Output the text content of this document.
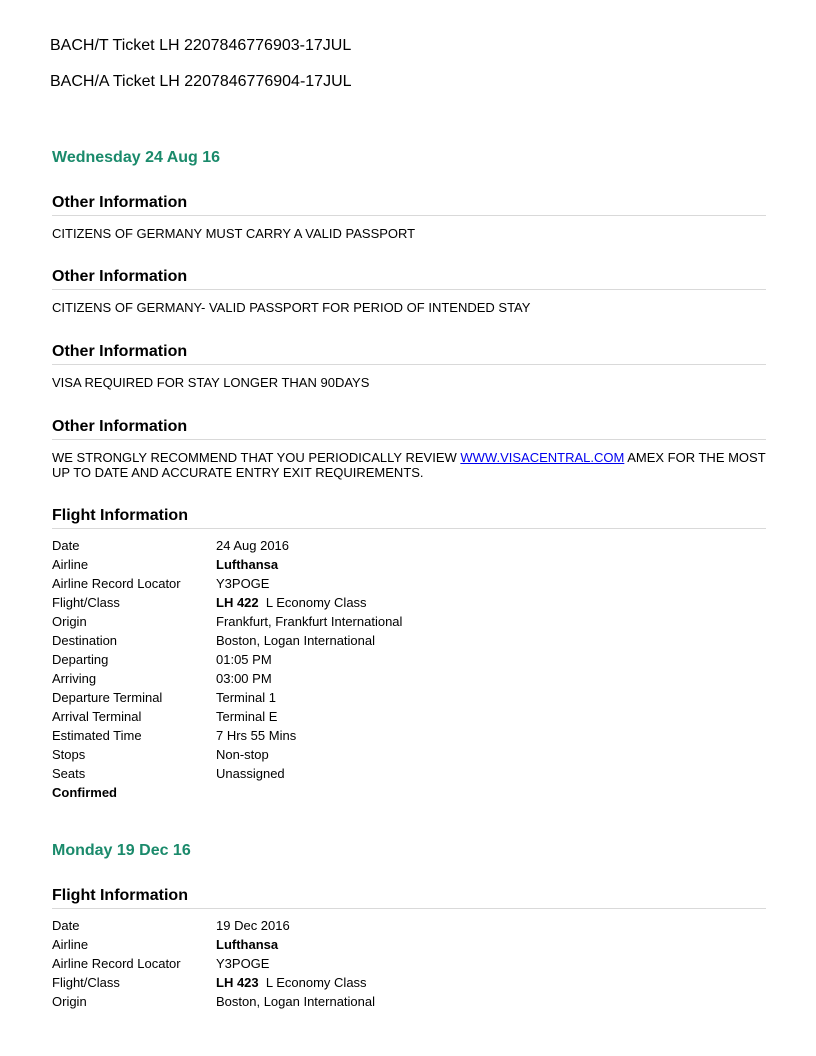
BACH/T Ticket LH 2207846776903-17JUL
BACH/A Ticket LH 2207846776904-17JUL
Wednesday 24 Aug 16
Other Information
CITIZENS OF GERMANY MUST CARRY A VALID PASSPORT
Other Information
CITIZENS OF GERMANY- VALID PASSPORT FOR PERIOD OF INTENDED STAY
Other Information
VISA REQUIRED FOR STAY LONGER THAN 90DAYS
Other Information
WE STRONGLY RECOMMEND THAT YOU PERIODICALLY REVIEW WWW.VISACENTRAL.COM AMEX FOR THE MOST UP TO DATE AND ACCURATE ENTRY EXIT REQUIREMENTS.
Flight Information
Date	24 Aug 2016
Airline	Lufthansa
Airline Record Locator	Y3POGE
Flight/Class	LH 422 L Economy Class
Origin	Frankfurt, Frankfurt International
Destination	Boston, Logan International
Departing	01:05 PM
Arriving	03:00 PM
Departure Terminal	Terminal 1
Arrival Terminal	Terminal E
Estimated Time	7 Hrs 55 Mins
Stops	Non-stop
Seats	Unassigned
Confirmed
Monday 19 Dec 16
Flight Information
Date	19 Dec 2016
Airline	Lufthansa
Airline Record Locator	Y3POGE
Flight/Class	LH 423 L Economy Class
Origin	Boston, Logan International
